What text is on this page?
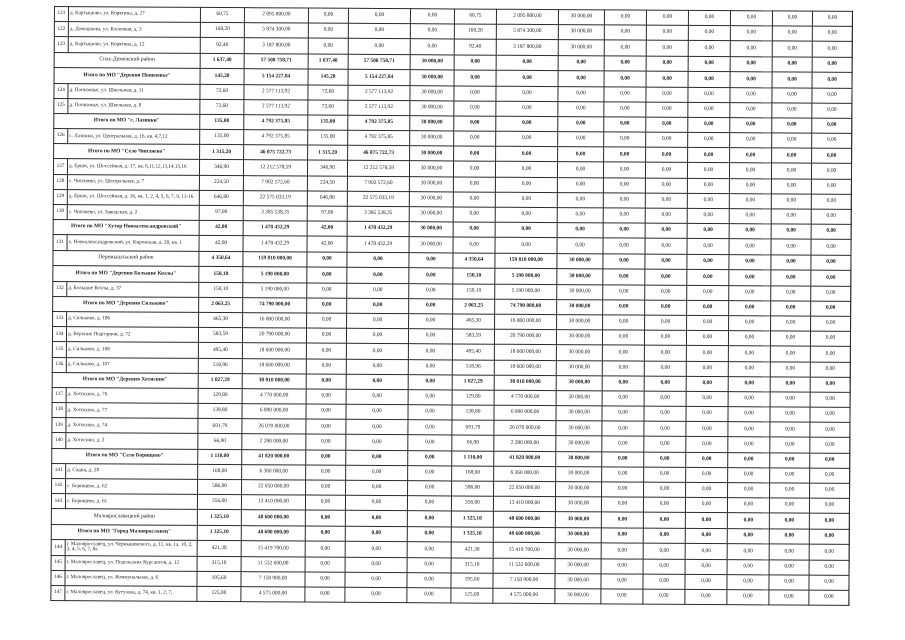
121	д. Картышово, ул. Корягина, д. 27	60,75	2 095 800,00	0,00	0,00	0,00	60,75	2 095 800,00	30 000,00	0,00	0,00	0,00	0,00	0,00	0,00	
122	д. Домашкова, ул. Кленовая, д. 3	168,20	5 874 300,00	0,00	0,00	0,00	168,20	5 874 300,00	30 000,00	0,00	0,00	0,00	0,00	0,00	0,00	
123	д. Картышово, ул. Корягина, д. 12	92,40	3 187 800,00	0,00	0,00	0,00	92,40	3 187 800,00	30 000,00	0,00	0,00	0,00	0,00	0,00	0,00	
Спас-Деменский район		1 637,40	57 500 758,71	1 637,40	57 500 758,71	30 000,00	0,00	0,00	0,00	0,00	0,00	0,00	0,00	0,00	0,00	
Итого по МО "Деревня Понизовье"		145,20	5 154 227,84	145,20	5 154 227,84	30 000,00	0,00	0,00	0,00	0,00	0,00	0,00	0,00	0,00	0,00	
124	д. Понизовье, ул. Школьная, д. 11	72,60	2 577 113,92	72,60	2 577 113,92	30 000,00	0,00	0,00	0,00	0,00	0,00	0,00	0,00	0,00	0,00	
125	д. Понизовье, ул. Школьная, д. 8	72,60	2 577 113,92	72,60	2 577 113,92	30 000,00	0,00	0,00	0,00	0,00	0,00	0,00	0,00	0,00	0,00	
Итого по МО "с. Лазинки"		135,00	4 792 375,85	135,00	4 792 375,85	30 000,00	0,00	0,00	0,00	0,00	0,00	0,00	0,00	0,00	0,00	
126	с. Лазинки, ул. Центральная, д. 16, кв. 4,7,12	135,00	4 792 375,85	135,00	4 792 375,85	30 000,00	0,00	0,00	0,00	0,00	0,00	0,00	0,00	0,00	0,00	
Итого по МО "Село Чипляево"		1 315,20	46 075 722,73	1 315,20	46 075 722,73	30 000,00	0,00	0,00	0,00	0,00	0,00	0,00	0,00	0,00	0,00	
127	д. Ерши, ул. Шоссейная, д. 17, кв. 6,11,12,13,14,15,16	346,90	12 212 578,59	346,90	12 212 578,59	30 000,00	0,00	0,00	0,00	0,00	0,00	0,00	0,00	0,00	0,00	
128	с. Чипляево, ул. Центральная, д. 7	224,50	7 902 572,60	224,50	7 902 572,60	30 000,00	0,00	0,00	0,00	0,00	0,00	0,00	0,00	0,00	0,00	
129	д. Ерши, ул. Шоссейная, д. 16, кв. 1, 2, 4, 5, 6, 7, 9, 11-16	646,80	22 575 033,19	646,80	22 575 033,19	30 000,00	0,00	0,00	0,00	0,00	0,00	0,00	0,00	0,00	0,00	
130	с. Чипляево, ул. Заводская, д. 2	97,00	3 385 538,35	97,00	3 385 538,35	30 000,00	0,00	0,00	0,00	0,00	0,00	0,00	0,00	0,00	0,00	
Итого по МО "Хутор Новоалександровский"		42,00	1 478 432,29	42,00	1 478 432,29	30 000,00	0,00	0,00	0,00	0,00	0,00	0,00	0,00	0,00	0,00	
131	х. Новоалександровский, ул. Кировская, д. 20, кв. 1	42,00	1 478 432,29	42,00	1 478 432,29	30 000,00	0,00	0,00	0,00	0,00	0,00	0,00	0,00	0,00	0,00	
Перемышльский район		4 350,64	159 810 000,00	0,00	0,00	0,00	4 350,64	159 810 000,00	30 000,00	0,00	0,00	0,00	0,00	0,00	0,00	
Итого по МО "Деревня Большие Козлы"		150,10	5 190 000,00	0,00	0,00	0,00	150,10	5 190 000,00	30 000,00	0,00	0,00	0,00	0,00	0,00	0,00	
132	д. Большие Козлы, д. 37	150,10	5 190 000,00	0,00	0,00	0,00	150,10	5 190 000,00	30 000,00	0,00	0,00	0,00	0,00	0,00	0,00	
Итого по МО "Деревня Сильково"		2 063,25	74 790 000,00	0,00	0,00	0,00	2 063,25	74 790 000,00	30 000,00	0,00	0,00	0,00	0,00	0,00	0,00	
133	д. Сильково, д. 106	465,30	16 800 000,00	0,00	0,00	0,00	465,30	16 800 000,00	30 000,00	0,00	0,00	0,00	0,00	0,00	0,00	
134	д. Верхние Подгоричи, д. 72	583,59	20 790 000,00	0,00	0,00	0,00	583,59	20 790 000,00	30 000,00	0,00	0,00	0,00	0,00	0,00	0,00	
135	д. Сильково, д. 108	495,40	18 600 000,00	0,00	0,00	0,00	495,40	18 600 000,00	30 000,00	0,00	0,00	0,00	0,00	0,00	0,00	
136	д. Сильково, д. 107	518,96	18 600 000,00	0,00	0,00	0,00	518,96	18 600 000,00	30 000,00	0,00	0,00	0,00	0,00	0,00	0,00	
Итого по МО "Деревня Хотисино"		1 027,29	38 010 000,00	0,00	0,00	0,00	1 027,29	38 010 000,00	30 000,00	0,00	0,00	0,00	0,00	0,00	0,00	
137	д. Хотисино, д. 76	129,80	4 770 000,00	0,00	0,00	0,00	129,80	4 770 000,00	30 000,00	0,00	0,00	0,00	0,00	0,00	0,00	
138	д. Хотисино, д. 77	138,80	6 890 000,00	0,00	0,00	0,00	138,80	6 890 000,00	30 000,00	0,00	0,00	0,00	0,00	0,00	0,00	
139	д. Хотисино, д. 74	691,79	26 070 000,00	0,00	0,00	0,00	691,79	26 070 000,00	30 000,00	0,00	0,00	0,00	0,00	0,00	0,00	
140	д. Хотисино, д. 2	66,90	2 280 000,00	0,00	0,00	0,00	66,90	2 280 000,00	30 000,00	0,00	0,00	0,00	0,00	0,00	0,00	
Итого по МО "Село Борищево"		1 110,00	41 820 000,00	0,00	0,00	0,00	1 110,00	41 820 000,00	30 000,00	0,00	0,00	0,00	0,00	0,00	0,00	
141	д. Садки, д. 28	168,00	6 360 000,00	0,00	0,00	0,00	168,00	6 360 000,00	30 000,00	0,00	0,00	0,00	0,00	0,00	0,00	
142	с. Борищево, д. 62	586,00	22 050 000,00	0,00	0,00	0,00	586,00	22 050 000,00	30 000,00	0,00	0,00	0,00	0,00	0,00	0,00	
143	с. Борищево, д. 61	356,00	13 410 000,00	0,00	0,00	0,00	356,00	13 410 000,00	30 000,00	0,00	0,00	0,00	0,00	0,00	0,00	
Малоярославецкий район		1 325,10	48 600 000,00	0,00	0,00	0,00	1 325,10	48 600 000,00	30 000,00	0,00	0,00	0,00	0,00	0,00	0,00	
Итого по МО "Город Малоярославец"		1 325,10	48 600 000,00	0,00	0,00	0,00	1 325,10	48 600 000,00	30 000,00	0,00	0,00	0,00	0,00	0,00	0,00	
144	г. Малоярославец, ул. Чернышевского, д. 11, кв. 1а, 1б, 2, 3, 4, 5, 6, 7, 8а	421,30	15 419 700,00	0,00	0,00	0,00	421,30	15 419 700,00	30 000,00	0,00	0,00	0,00	0,00	0,00	0,00	
145	г. Малоярославец, ул. Подольских Курсантов, д. 12	315,10	11 532 600,00	0,00	0,00	0,00	315,10	11 532 600,00	30 000,00	0,00	0,00	0,00	0,00	0,00	0,00	
146	г. Малоярославец, ул. Коммунальная, д. 6	195,60	7 158 900,00	0,00	0,00	0,00	195,60	7 158 900,00	30 000,00	0,00	0,00	0,00	0,00	0,00	0,00	
147	г. Малоярославец, ул. Кутузова, д. 74, кв. 1, 2, 7,	125,00	4 575 000,00	0,00	0,00	0,00	125,00	4 575 000,00	30 000,00	0,00	0,00	0,00	0,00	0,00	0,00	
